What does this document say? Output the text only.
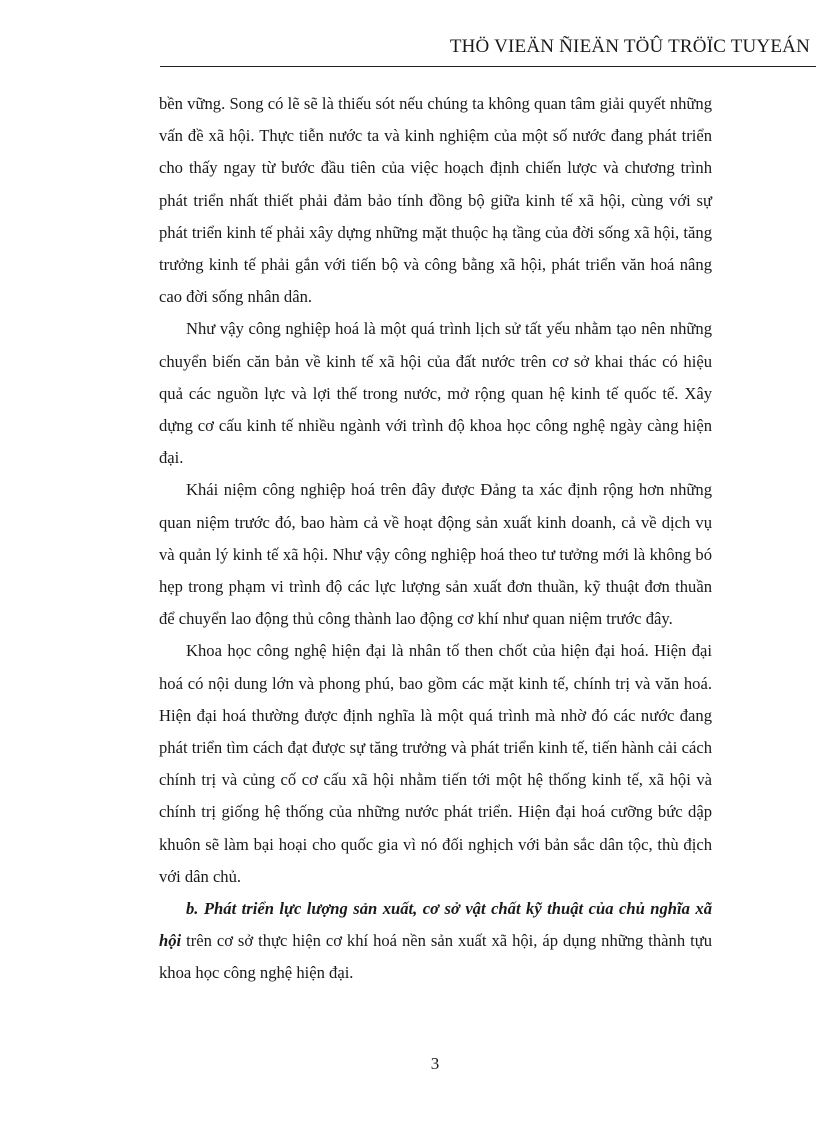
THÖ VIEÄN ÑIEÄN TÖÛ TRÖÏC TUYEÁN

bền vững. Song có lẽ sẽ là thiếu sót nếu chúng ta không quan tâm giải quyết những vấn đề xã hội. Thực tiễn nước ta và kinh nghiệm của một số nước đang phát triển cho thấy ngay từ bước đầu tiên của việc hoạch định chiến lược và chương trình phát triển nhất thiết phải đảm bảo tính đồng bộ giữa kinh tế xã hội, cùng với sự phát triển kinh tế phải xây dựng những mặt thuộc hạ tầng của đời sống xã hội, tăng trưởng kinh tế phải gắn với tiến bộ và công bằng xã hội, phát triển văn hoá nâng cao đời sống nhân dân.

Như vậy công nghiệp hoá là một quá trình lịch sử tất yếu nhằm tạo nên những chuyển biến căn bản về kinh tế xã hội của đất nước trên cơ sở khai thác có hiệu quả các nguồn lực và lợi thế trong nước, mở rộng quan hệ kinh tế quốc tế. Xây dựng cơ cấu kinh tế nhiều ngành với trình độ khoa học công nghệ ngày càng hiện đại.

Khái niệm công nghiệp hoá trên đây được Đảng ta xác định rộng hơn những quan niệm trước đó, bao hàm cả về hoạt động sản xuất kinh doanh, cả về dịch vụ và quản lý kinh tế xã hội. Như vậy công nghiệp hoá theo tư tưởng mới là không bó hẹp trong phạm vi trình độ các lực lượng sản xuất đơn thuần, kỹ thuật đơn thuần để chuyển lao động thủ công thành lao động cơ khí như quan niệm trước đây.

Khoa học công nghệ hiện đại là nhân tố then chốt của hiện đại hoá. Hiện đại hoá có nội dung lớn và phong phú, bao gồm các mặt kinh tế, chính trị và văn hoá. Hiện đại hoá thường được định nghĩa là một quá trình mà nhờ đó các nước đang phát triển tìm cách đạt được sự tăng trưởng và phát triển kinh tế, tiến hành cải cách chính trị và củng cố cơ cấu xã hội nhằm tiến tới một hệ thống kinh tế, xã hội và chính trị giống hệ thống của những nước phát triển. Hiện đại hoá cưỡng bức dập khuôn sẽ làm bại hoại cho quốc gia vì nó đối nghịch với bản sắc dân tộc, thù địch với dân chủ.

b. Phát triển lực lượng sản xuất, cơ sở vật chất kỹ thuật của chủ nghĩa xã hội trên cơ sở thực hiện cơ khí hoá nền sản xuất xã hội, áp dụng những thành tựu khoa học công nghệ hiện đại.

3
